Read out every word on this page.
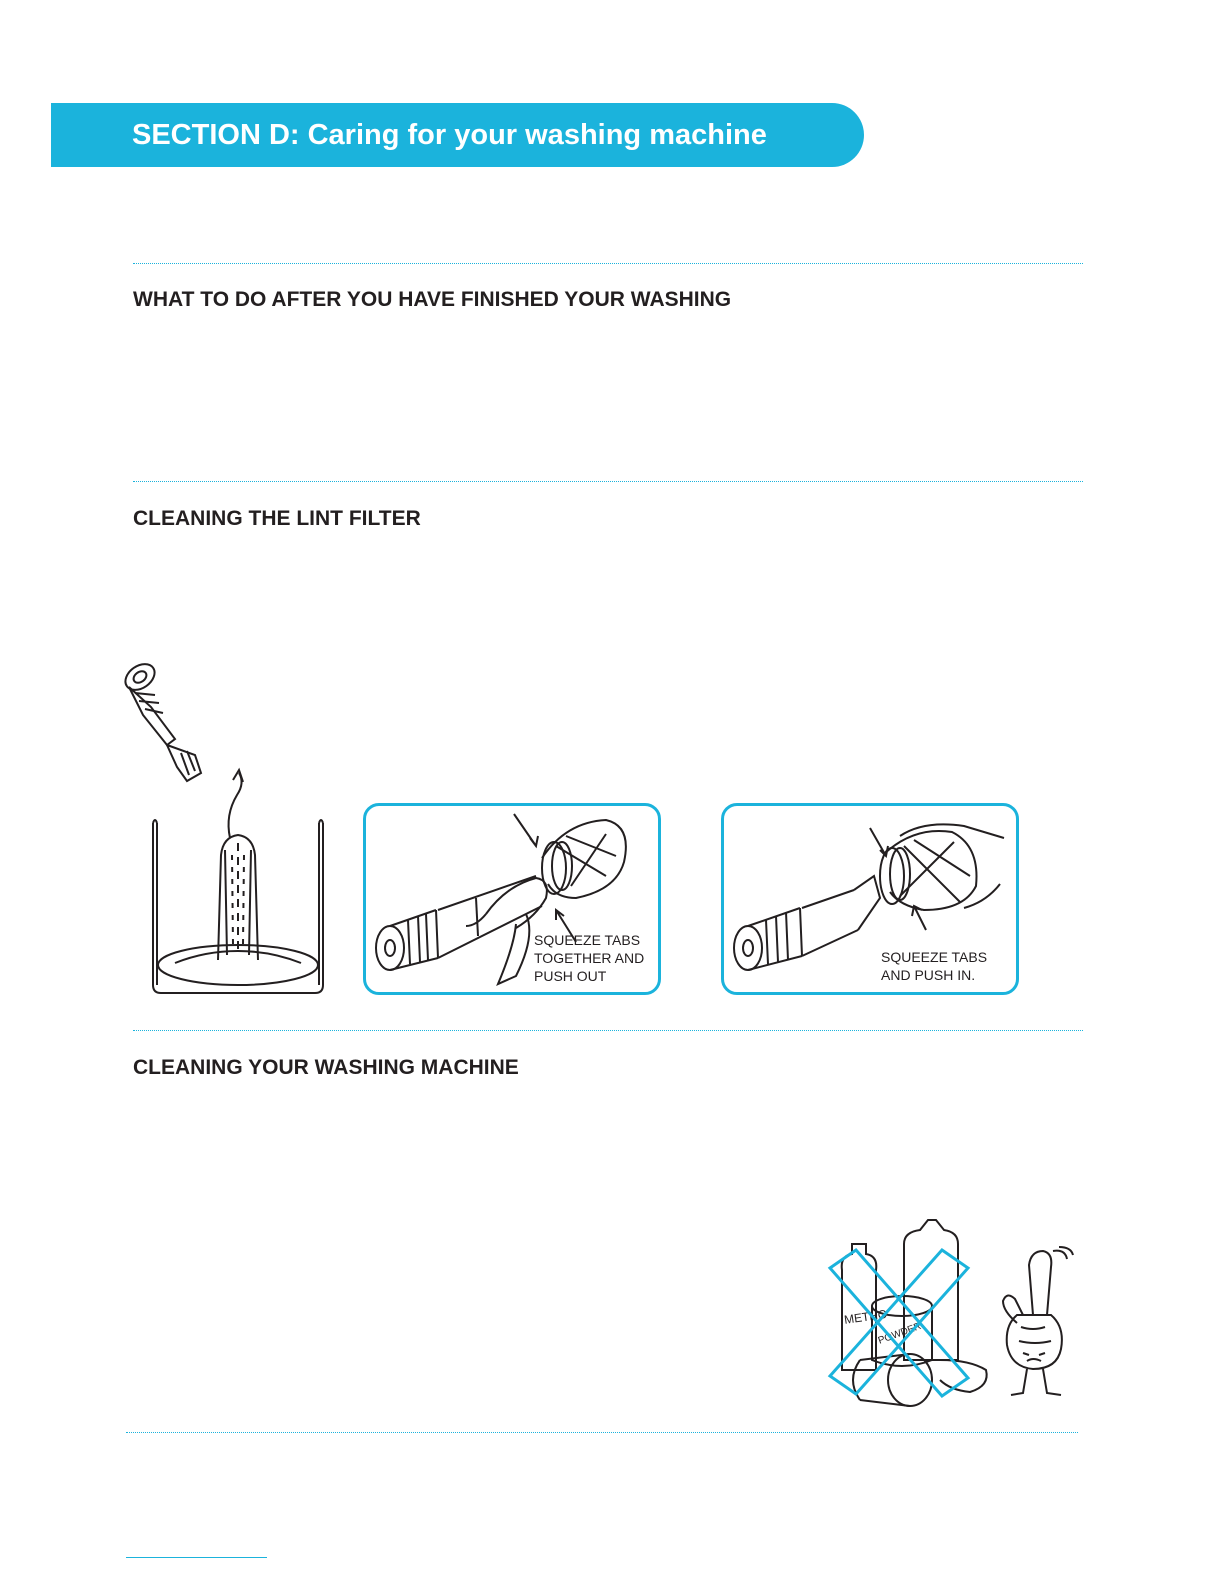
SECTION D: Caring for your washing machine
WHAT TO DO AFTER YOU HAVE FINISHED YOUR WASHING
CLEANING THE LINT FILTER
SQUEEZE TABS
TOGETHER AND
PUSH OUT
SQUEEZE TABS
AND PUSH IN.
CLEANING YOUR WASHING MACHINE
METHO
POWDER
